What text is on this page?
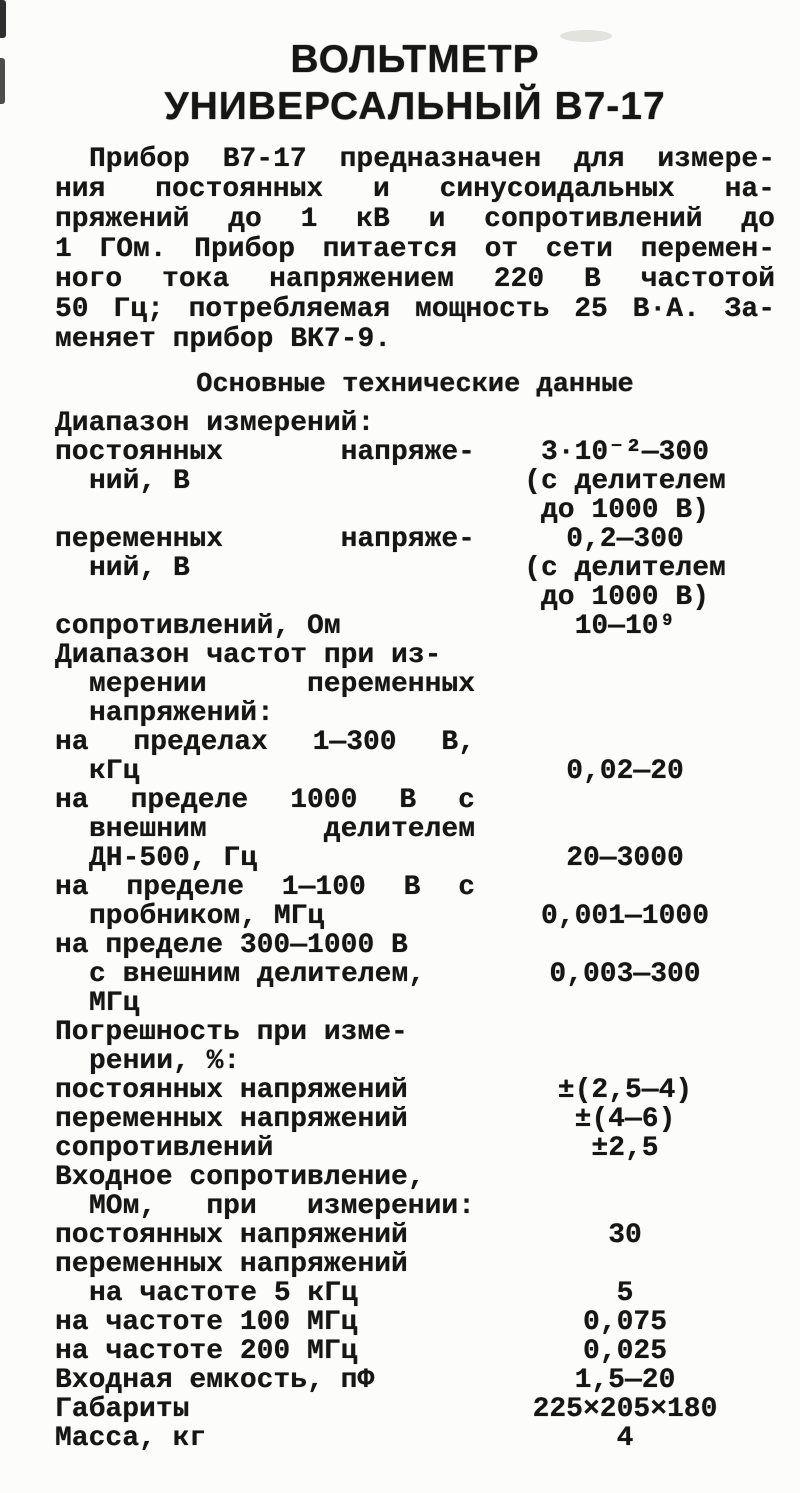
ВОЛЬТМЕТР
УНИВЕРСАЛЬНЫЙ В7-17
Прибор В7-17 предназначен для измере-
ния постоянных и синусоидальных на-
пряжений до 1 кВ и сопротивлений до
1 ГОм. Прибор питается от сети перемен-
ного тока напряжением 220 В частотой
50 Гц; потребляемая мощность 25 В·А. За-
меняет прибор ВК7-9.
Основные технические данные
Диапазон измерений:
постоянных напряже-	3·10⁻²—300
ний, В	(с делителем
до 1000 В)
переменных напряже-	0,2—300
ний, В	(с делителем
до 1000 В)
сопротивлений, Ом	10—10⁹
Диапазон частот при из-
мерении переменных
напряжений:
на пределах 1—300 В,
кГц	0,02—20
на пределе 1000 В с
внешним делителем
ДН-500, Гц	20—3000
на пределе 1—100 В с
пробником, МГц	0,001—1000
на пределе 300—1000 В
с внешним делителем,	0,003—300
МГц
Погрешность при изме-
рении, %:
постоянных напряжений	±(2,5—4)
переменных напряжений	±(4—6)
сопротивлений	±2,5
Входное сопротивление,
МОм, при измерении:
постоянных напряжений	30
переменных напряжений
на частоте 5 кГц	5
на частоте 100 МГц	0,075
на частоте 200 МГц	0,025
Входная емкость, пФ	1,5—20
Габариты	225×205×180
Масса, кг	4
